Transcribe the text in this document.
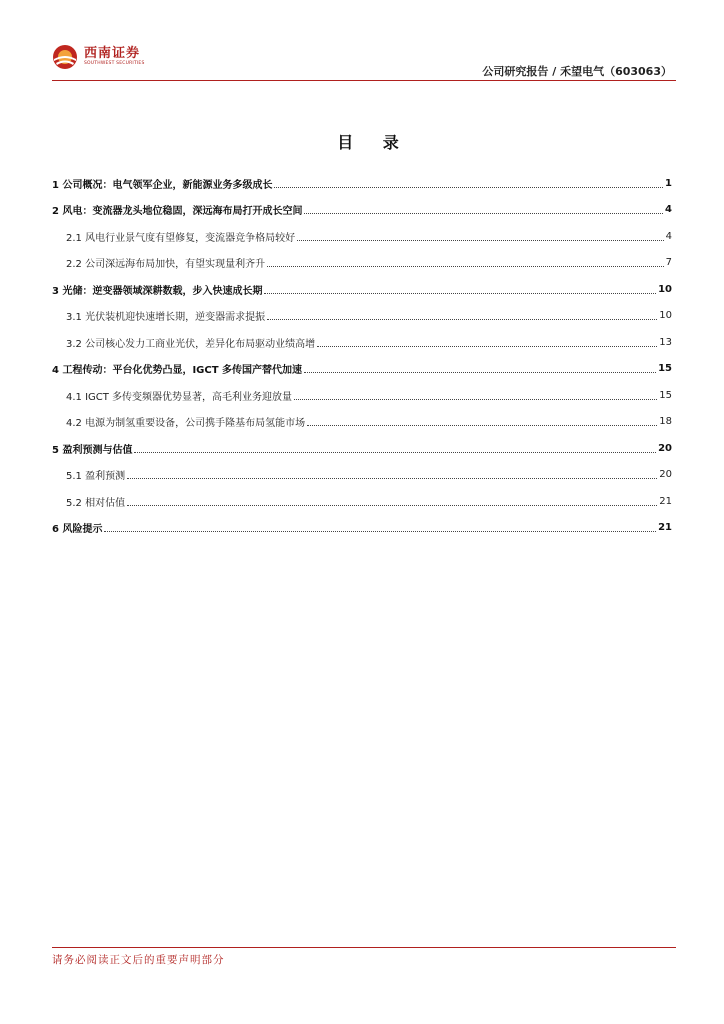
西南证券
SOUTHWEST SECURITIES
公司研究报告 / 禾望电气（603063）
目 录
1 公司概况：电气领军企业，新能源业务多级成长	1
2 风电：变流器龙头地位稳固，深远海布局打开成长空间	4
2.1 风电行业景气度有望修复，变流器竞争格局较好	4
2.2 公司深远海布局加快，有望实现量利齐升	7
3 光储：逆变器领域深耕数载，步入快速成长期	10
3.1 光伏装机迎快速增长期，逆变器需求提振	10
3.2 公司核心发力工商业光伏，差异化布局驱动业绩高增	13
4 工程传动：平台化优势凸显，IGCT 多传国产替代加速	15
4.1 IGCT 多传变频器优势显著，高毛利业务迎放量	15
4.2 电源为制氢重要设备，公司携手隆基布局氢能市场	18
5 盈利预测与估值	20
5.1 盈利预测	20
5.2 相对估值	21
6 风险提示	21
请务必阅读正文后的重要声明部分
